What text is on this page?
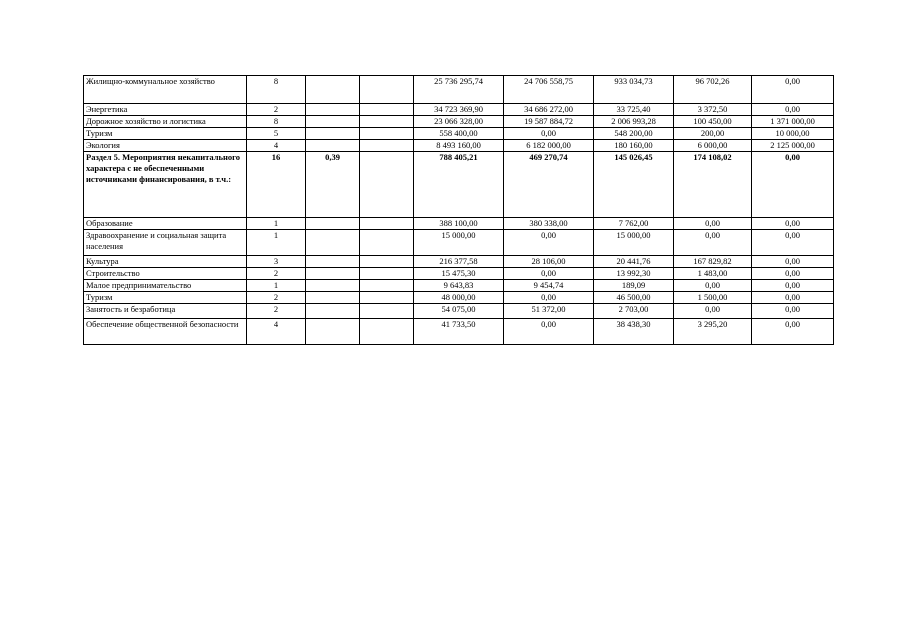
Жилищно-коммунальное хозяйство	8			25 736 295,74	24 706 558,75	933 034,73	96 702,26	0,00
Энергетика	2			34 723 369,90	34 686 272,00	33 725,40	3 372,50	0,00
Дорожное хозяйство и логистика	8			23 066 328,00	19 587 884,72	2 006 993,28	100 450,00	1 371 000,00
Туризм	5			558 400,00	0,00	548 200,00	200,00	10 000,00
Экология	4			8 493 160,00	6 182 000,00	180 160,00	6 000,00	2 125 000,00
Раздел 5. Мероприятия некапитального характера с не обеспеченными источниками финансирования, в т.ч.:	16	0,39		788 405,21	469 270,74	145 026,45	174 108,02	0,00
Образование	1			388 100,00	380 338,00	7 762,00	0,00	0,00
Здравоохранение и социальная защита населения	1			15 000,00	0,00	15 000,00	0,00	0,00
Культура	3			216 377,58	28 106,00	20 441,76	167 829,82	0,00
Строительство	2			15 475,30	0,00	13 992,30	1 483,00	0,00
Малое предпринимательство	1			9 643,83	9 454,74	189,09	0,00	0,00
Туризм	2			48 000,00	0,00	46 500,00	1 500,00	0,00
Занятость и безработица	2			54 075,00	51 372,00	2 703,00	0,00	0,00
Обеспечение общественной безопасности	4			41 733,50	0,00	38 438,30	3 295,20	0,00
